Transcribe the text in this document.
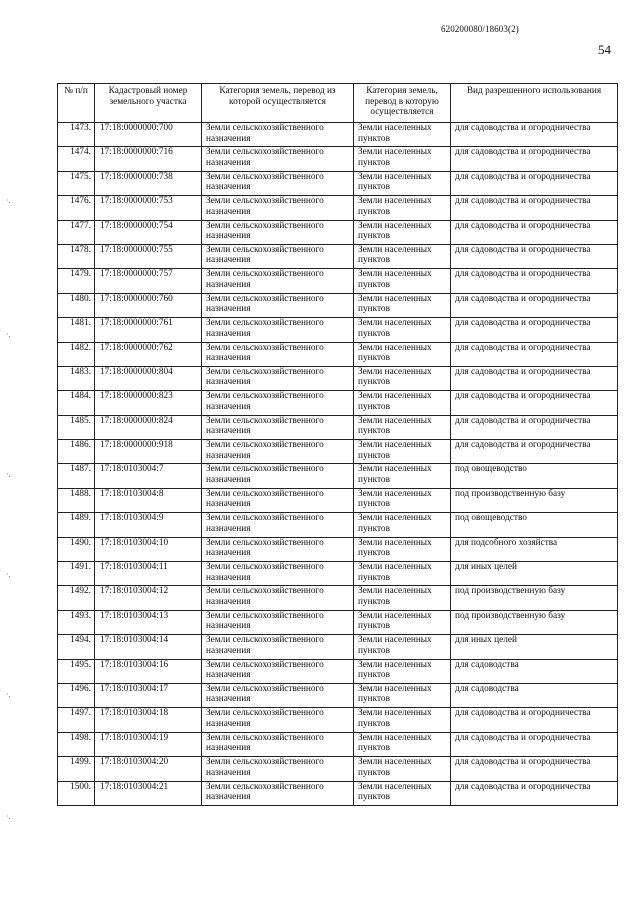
620200080/18603(2)
54
·.
·.
·.
·.
·.
·.
№ п/п	Кадастровый номер земельного участка	Категория земель, перевод из которой осуществляется	Категория земель, перевод в которую осуществляется	Вид разрешенного использования
1473.	17:18:0000000:700	Земли сельскохозяйственного назначения	Земли населенных пунктов	для садоводства и огородничества
1474.	17:18:0000000:716	Земли сельскохозяйственного назначения	Земли населенных пунктов	для садоводства и огородничества
1475.	17:18:0000000:738	Земли сельскохозяйственного назначения	Земли населенных пунктов	для садоводства и огородничества
1476.	17:18:0000000:753	Земли сельскохозяйственного назначения	Земли населенных пунктов	для садоводства и огородничества
1477.	17:18:0000000:754	Земли сельскохозяйственного назначения	Земли населенных пунктов	для садоводства и огородничества
1478.	17:18:0000000:755	Земли сельскохозяйственного назначения	Земли населенных пунктов	для садоводства и огородничества
1479.	17:18:0000000:757	Земли сельскохозяйственного назначения	Земли населенных пунктов	для садоводства и огородничества
1480.	17:18:0000000:760	Земли сельскохозяйственного назначения	Земли населенных пунктов	для садоводства и огородничества
1481.	17:18:0000000:761	Земли сельскохозяйственного назначения	Земли населенных пунктов	для садоводства и огородничества
1482.	17:18:0000000:762	Земли сельскохозяйственного назначения	Земли населенных пунктов	для садоводства и огородничества
1483.	17:18:0000000:804	Земли сельскохозяйственного назначения	Земли населенных пунктов	для садоводства и огородничества
1484.	17:18:0000000:823	Земли сельскохозяйственного назначения	Земли населенных пунктов	для садоводства и огородничества
1485.	17:18:0000000:824	Земли сельскохозяйственного назначения	Земли населенных пунктов	для садоводства и огородничества
1486.	17:18:0000000:918	Земли сельскохозяйственного назначения	Земли населенных пунктов	для садоводства и огородничества
1487.	17:18:0103004:7	Земли сельскохозяйственного назначения	Земли населенных пунктов	под овощеводство
1488.	17:18:0103004:8	Земли сельскохозяйственного назначения	Земли населенных пунктов	под производственную базу
1489.	17:18:0103004:9	Земли сельскохозяйственного назначения	Земли населенных пунктов	под овощеводство
1490.	17:18:0103004:10	Земли сельскохозяйственного назначения	Земли населенных пунктов	для подсобного хозяйства
1491.	17:18:0103004:11	Земли сельскохозяйственного назначения	Земли населенных пунктов	для иных целей
1492.	17:18:0103004:12	Земли сельскохозяйственного назначения	Земли населенных пунктов	под производственную базу
1493.	17:18:0103004:13	Земли сельскохозяйственного назначения	Земли населенных пунктов	под производственную базу
1494.	17:18:0103004:14	Земли сельскохозяйственного назначения	Земли населенных пунктов	для иных целей
1495.	17:18:0103004:16	Земли сельскохозяйственного назначения	Земли населенных пунктов	для садоводства
1496.	17:18:0103004:17	Земли сельскохозяйственного назначения	Земли населенных пунктов	для садоводства
1497.	17:18:0103004:18	Земли сельскохозяйственного назначения	Земли населенных пунктов	для садоводства и огородничества
1498.	17:18:0103004:19	Земли сельскохозяйственного назначения	Земли населенных пунктов	для садоводства и огородничества
1499.	17:18:0103004:20	Земли сельскохозяйственного назначения	Земли населенных пунктов	для садоводства и огородничества
1500.	17:18:0103004:21	Земли сельскохозяйственного назначения	Земли населенных пунктов	для садоводства и огородничества
